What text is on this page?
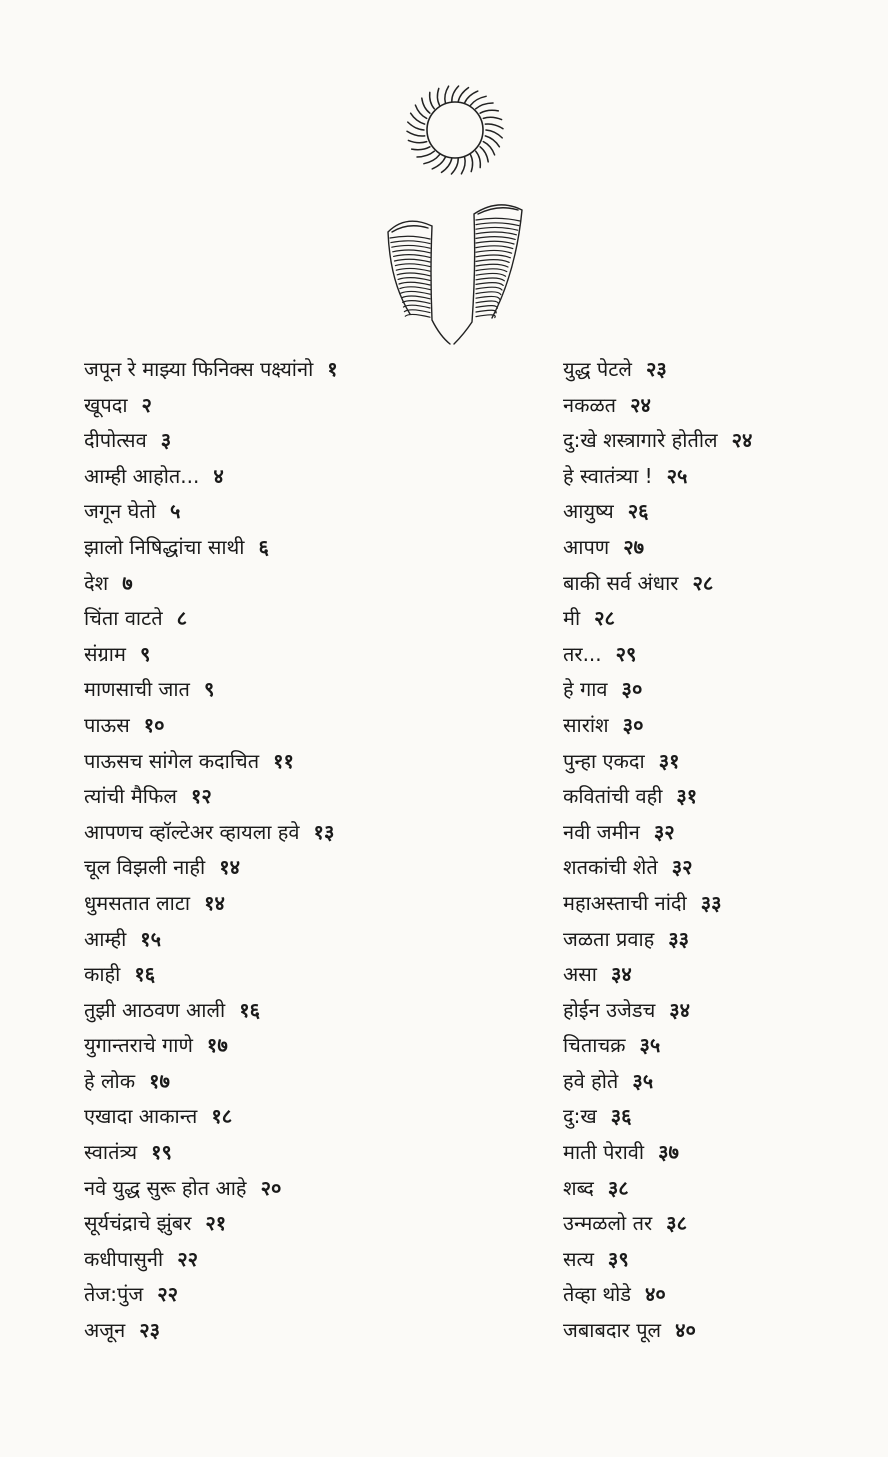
जपून रे माझ्या फिनिक्स पक्ष्यांनो १
खूपदा २
दीपोत्सव ३
आम्ही आहोत... ४
जगून घेतो ५
झालो निषिद्धांचा साथी ६
देश ७
चिंता वाटते ८
संग्राम ९
माणसाची जात ९
पाऊस १०
पाऊसच सांगेल कदाचित ११
त्यांची मैफिल १२
आपणच व्हॉल्टेअर व्हायला हवे १३
चूल विझली नाही १४
धुमसतात लाटा १४
आम्ही १५
काही १६
तुझी आठवण आली १६
युगान्तराचे गाणे १७
हे लोक १७
एखादा आकान्त १८
स्वातंत्र्य १९
नवे युद्ध सुरू होत आहे २०
सूर्यचंद्राचे झुंबर २१
कधीपासुनी २२
तेज:पुंज २२
अजून २३
युद्ध पेटले २३
नकळत २४
दु:खे शस्त्रागारे होतील २४
हे स्वातंत्र्या ! २५
आयुष्य २६
आपण २७
बाकी सर्व अंधार २८
मी २८
तर... २९
हे गाव ३०
सारांश ३०
पुन्हा एकदा ३१
कवितांची वही ३१
नवी जमीन ३२
शतकांची शेते ३२
महाअस्ताची नांदी ३३
जळता प्रवाह ३३
असा ३४
होईन उजेडच ३४
चिताचक्र ३५
हवे होते ३५
दु:ख ३६
माती पेरावी ३७
शब्द ३८
उन्मळलो तर ३८
सत्य ३९
तेव्हा थोडे ४०
जबाबदार पूल ४०
